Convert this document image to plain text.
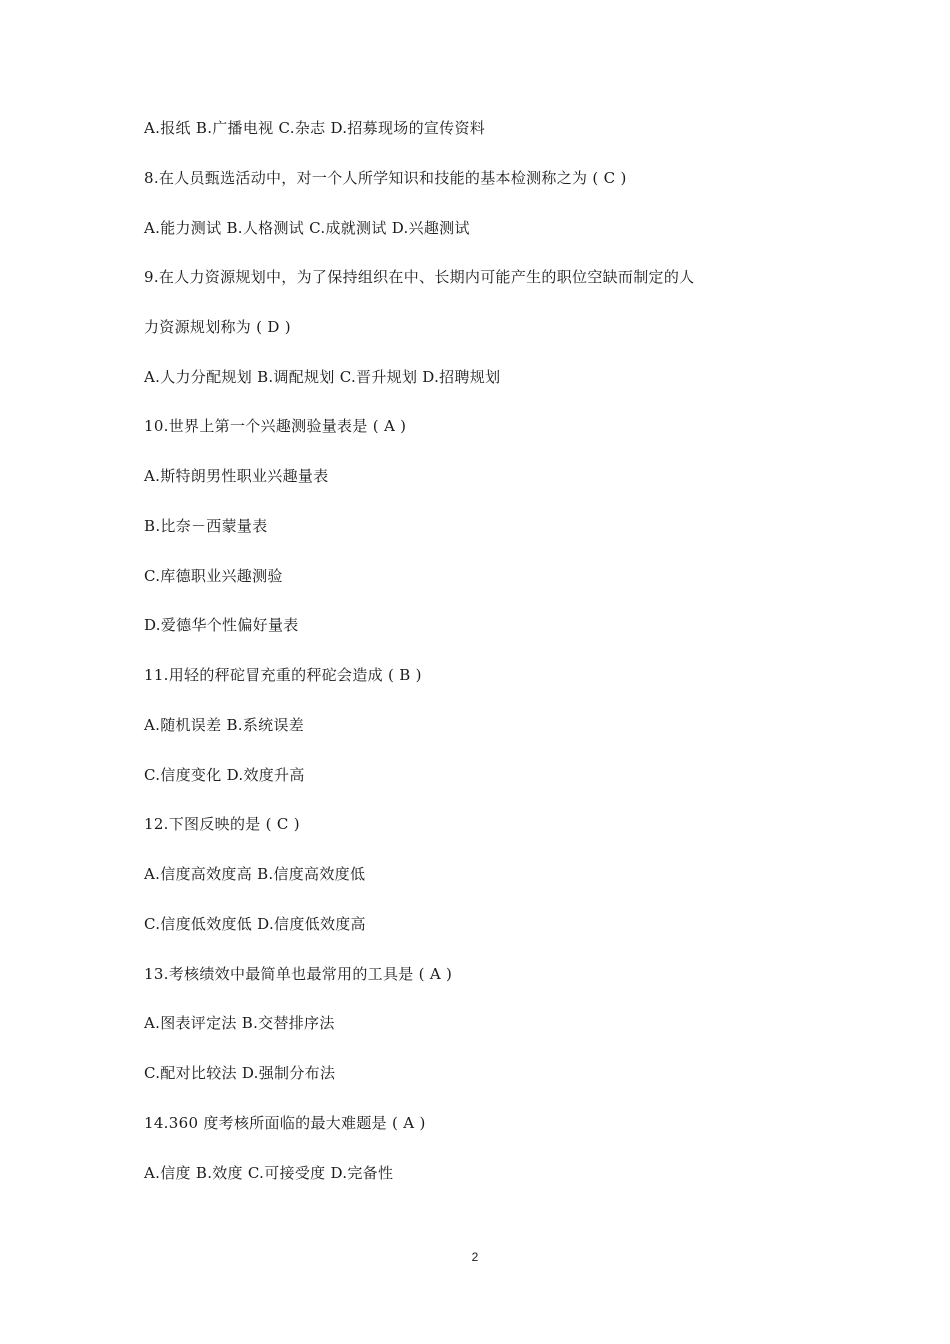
A.报纸 B.广播电视 C.杂志 D.招募现场的宣传资料
8.在人员甄选活动中，对一个人所学知识和技能的基本检测称之为 ( C )
A.能力测试 B.人格测试 C.成就测试 D.兴趣测试
9.在人力资源规划中，为了保持组织在中、长期内可能产生的职位空缺而制定的人
力资源规划称为 ( D )
A.人力分配规划 B.调配规划 C.晋升规划 D.招聘规划
10.世界上第一个兴趣测验量表是 ( A )
A.斯特朗男性职业兴趣量表
B.比奈－西蒙量表
C.库德职业兴趣测验
D.爱德华个性偏好量表
11.用轻的秤砣冒充重的秤砣会造成 ( B )
A.随机误差 B.系统误差
C.信度变化 D.效度升高
12.下图反映的是 ( C )
A.信度高效度高 B.信度高效度低
C.信度低效度低 D.信度低效度高
13.考核绩效中最简单也最常用的工具是 ( A )
A.图表评定法 B.交替排序法
C.配对比较法 D.强制分布法
14.360 度考核所面临的最大难题是 ( A )
A.信度 B.效度 C.可接受度 D.完备性
2
